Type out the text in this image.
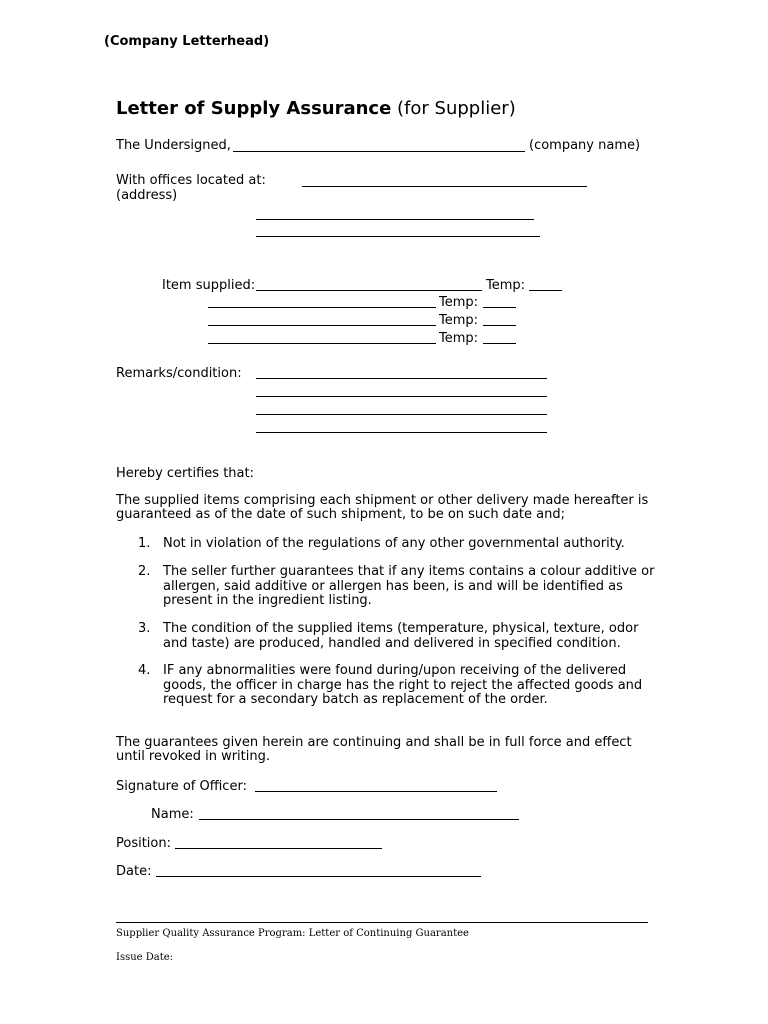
(Company Letterhead)
Letter of Supply Assurance (for Supplier)
The Undersigned,	(company name)
With offices located at:
(address)
Item supplied:	Temp:
Temp:
Temp:
Temp:
Remarks/condition:
Hereby certifies that:
The supplied items comprising each shipment or other delivery made hereafter is guaranteed as of the date of such shipment, to be on such date and;
1. Not in violation of the regulations of any other governmental authority.
2. The seller further guarantees that if any items contains a colour additive or allergen, said additive or allergen has been, is and will be identified as present in the ingredient listing.
3. The condition of the supplied items (temperature, physical, texture, odor and taste) are produced, handled and delivered in specified condition.
4. IF any abnormalities were found during/upon receiving of the delivered goods, the officer in charge has the right to reject the affected goods and request for a secondary batch as replacement of the order.
The guarantees given herein are continuing and shall be in full force and effect until revoked in writing.
Signature of Officer:
Name:
Position:
Date:
Supplier Quality Assurance Program: Letter of Continuing Guarantee
Issue Date:
